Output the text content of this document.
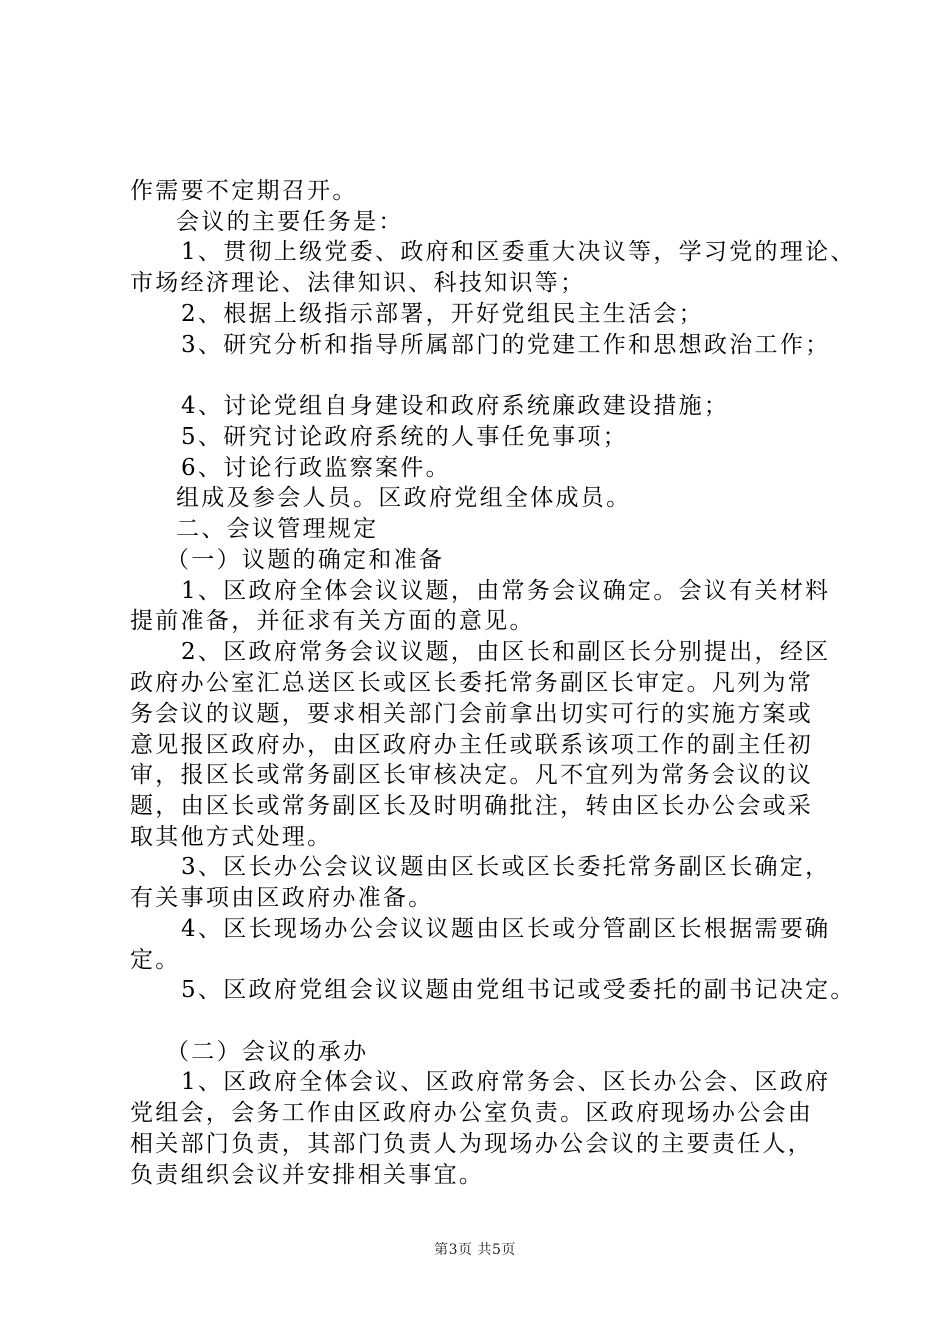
作需要不定期召开。

会议的主要任务是：

1、贯彻上级党委、政府和区委重大决议等，学习党的理论、

市场经济理论、法律知识、科技知识等；

2、根据上级指示部署，开好党组民主生活会；

3、研究分析和指导所属部门的党建工作和思想政治工作；

4、讨论党组自身建设和政府系统廉政建设措施；

5、研究讨论政府系统的人事任免事项；

6、讨论行政监察案件。

组成及参会人员。区政府党组全体成员。

二、会议管理规定

（一）议题的确定和准备

1、区政府全体会议议题，由常务会议确定。会议有关材料

提前准备，并征求有关方面的意见。

2、区政府常务会议议题，由区长和副区长分别提出，经区

政府办公室汇总送区长或区长委托常务副区长审定。凡列为常

务会议的议题，要求相关部门会前拿出切实可行的实施方案或

意见报区政府办，由区政府办主任或联系该项工作的副主任初

审，报区长或常务副区长审核决定。凡不宜列为常务会议的议

题，由区长或常务副区长及时明确批注，转由区长办公会或采

取其他方式处理。

3、区长办公会议议题由区长或区长委托常务副区长确定，

有关事项由区政府办准备。

4、区长现场办公会议议题由区长或分管副区长根据需要确

定。

5、区政府党组会议议题由党组书记或受委托的副书记决定。

（二）会议的承办

1、区政府全体会议、区政府常务会、区长办公会、区政府

党组会，会务工作由区政府办公室负责。区政府现场办公会由

相关部门负责，其部门负责人为现场办公会议的主要责任人，

负责组织会议并安排相关事宜。

第3页 共5页
